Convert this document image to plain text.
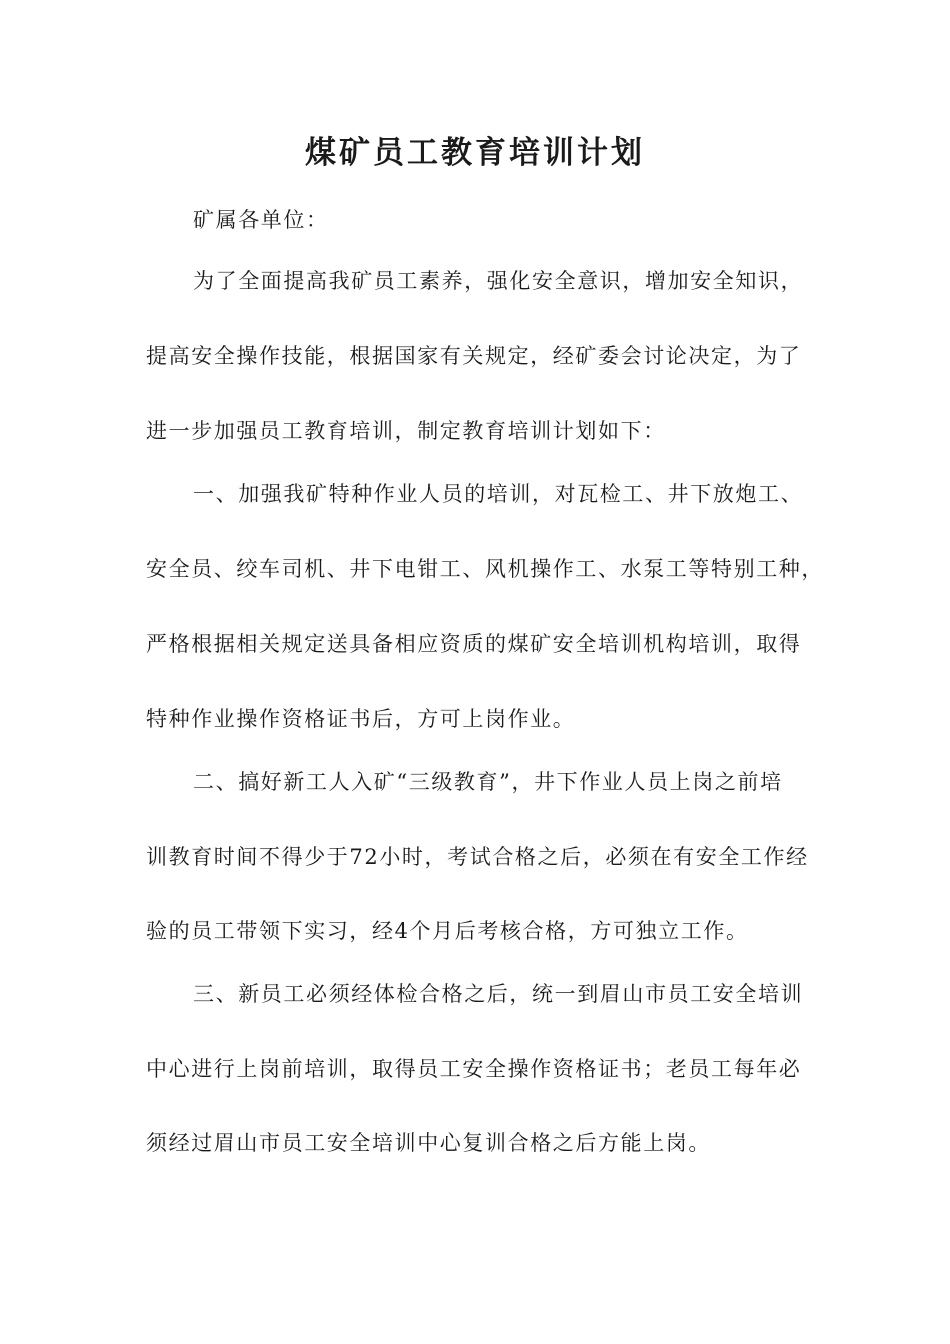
煤矿员工教育培训计划

矿属各单位：

为了全面提高我矿员工素养，强化安全意识，增加安全知识，

提高安全操作技能，根据国家有关规定，经矿委会讨论决定，为了

进一步加强员工教育培训，制定教育培训计划如下：

一、加强我矿特种作业人员的培训，对瓦检工、井下放炮工、

安全员、绞车司机、井下电钳工、风机操作工、水泵工等特别工种，

严格根据相关规定送具备相应资质的煤矿安全培训机构培训，取得

特种作业操作资格证书后，方可上岗作业。

二、搞好新工人入矿“三级教育”，井下作业人员上岗之前培

训教育时间不得少于72小时，考试合格之后，必须在有安全工作经

验的员工带领下实习，经4个月后考核合格，方可独立工作。

三、新员工必须经体检合格之后，统一到眉山市员工安全培训

中心进行上岗前培训，取得员工安全操作资格证书；老员工每年必

须经过眉山市员工安全培训中心复训合格之后方能上岗。
